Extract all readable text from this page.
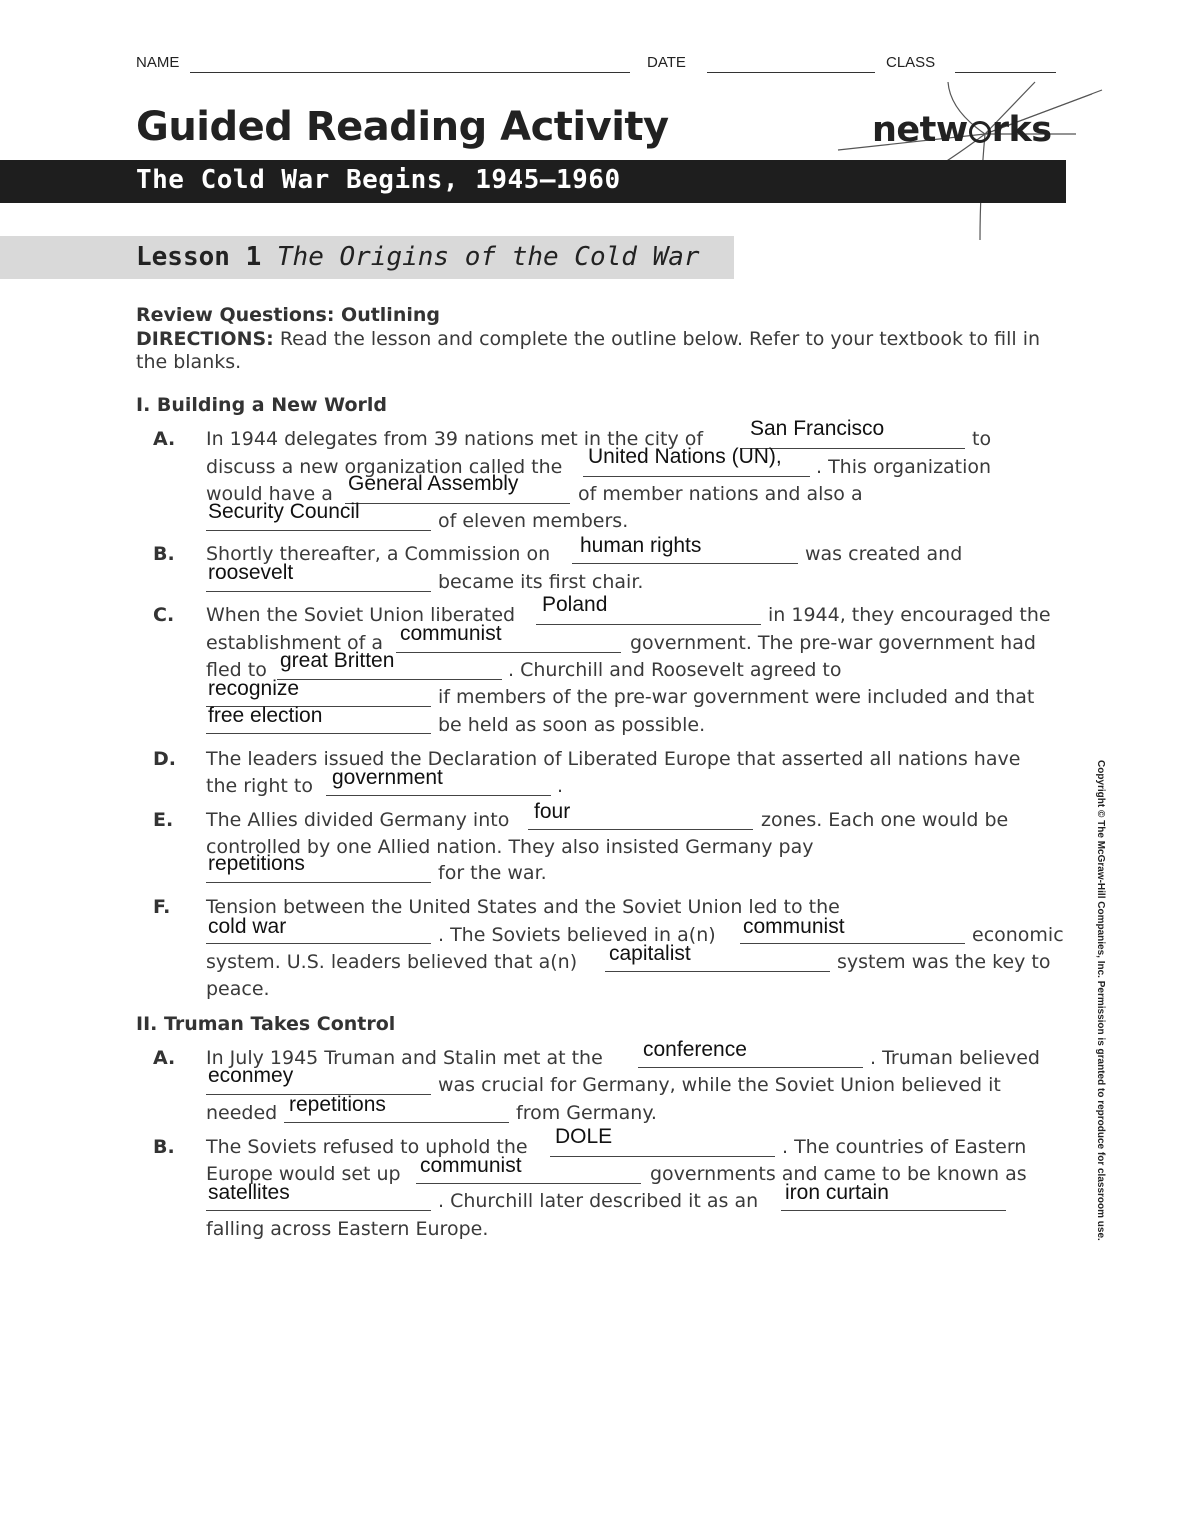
NAME	DATE	CLASS
Guided Reading Activity	netw rks
The Cold War Begins, 1945–1960
Lesson 1 The Origins of the Cold War
Review Questions: Outlining
DIRECTIONS: Read the lesson and complete the outline below. Refer to your textbook to fill in the blanks.
I. Building a New World
A. In 1944 delegates from 39 nations met in the city of San Francisco	to
discuss a new organization called the United Nations (UN), . This organization
would have a General Assembly	of member nations and also a
Security Council	of eleven members.
B. Shortly thereafter, a Commission on human rights	was created and
roosevelt	became its first chair.
C. When the Soviet Union liberated Poland	in 1944, they encouraged the
establishment of a communist	government. The pre-war government had
fled to great Britten	. Churchill and Roosevelt agreed to
recognize	if members of the pre-war government were included and that
free election	be held as soon as possible.
D. The leaders issued the Declaration of Liberated Europe that asserted all nations have
the right to government	.
E. The Allies divided Germany into four	zones. Each one would be
controlled by one Allied nation. They also insisted Germany pay
repetitions	for the war.
F. Tension between the United States and the Soviet Union led to the
cold war	. The Soviets believed in a(n) communist	economic
system. U.S. leaders believed that a(n) capitalist	system was the key to
peace.
II. Truman Takes Control
A. In July 1945 Truman and Stalin met at the conference	. Truman believed
econmey	was crucial for Germany, while the Soviet Union believed it
needed repetitions	from Germany.
B. The Soviets refused to uphold the DOLE	. The countries of Eastern
Europe would set up communist	governments and came to be known as
satellites	. Churchill later described it as an iron curtain
falling across Eastern Europe.	Copyright © The McGraw-Hill Companies, Inc. Permission is granted to reproduce for classroom use.
